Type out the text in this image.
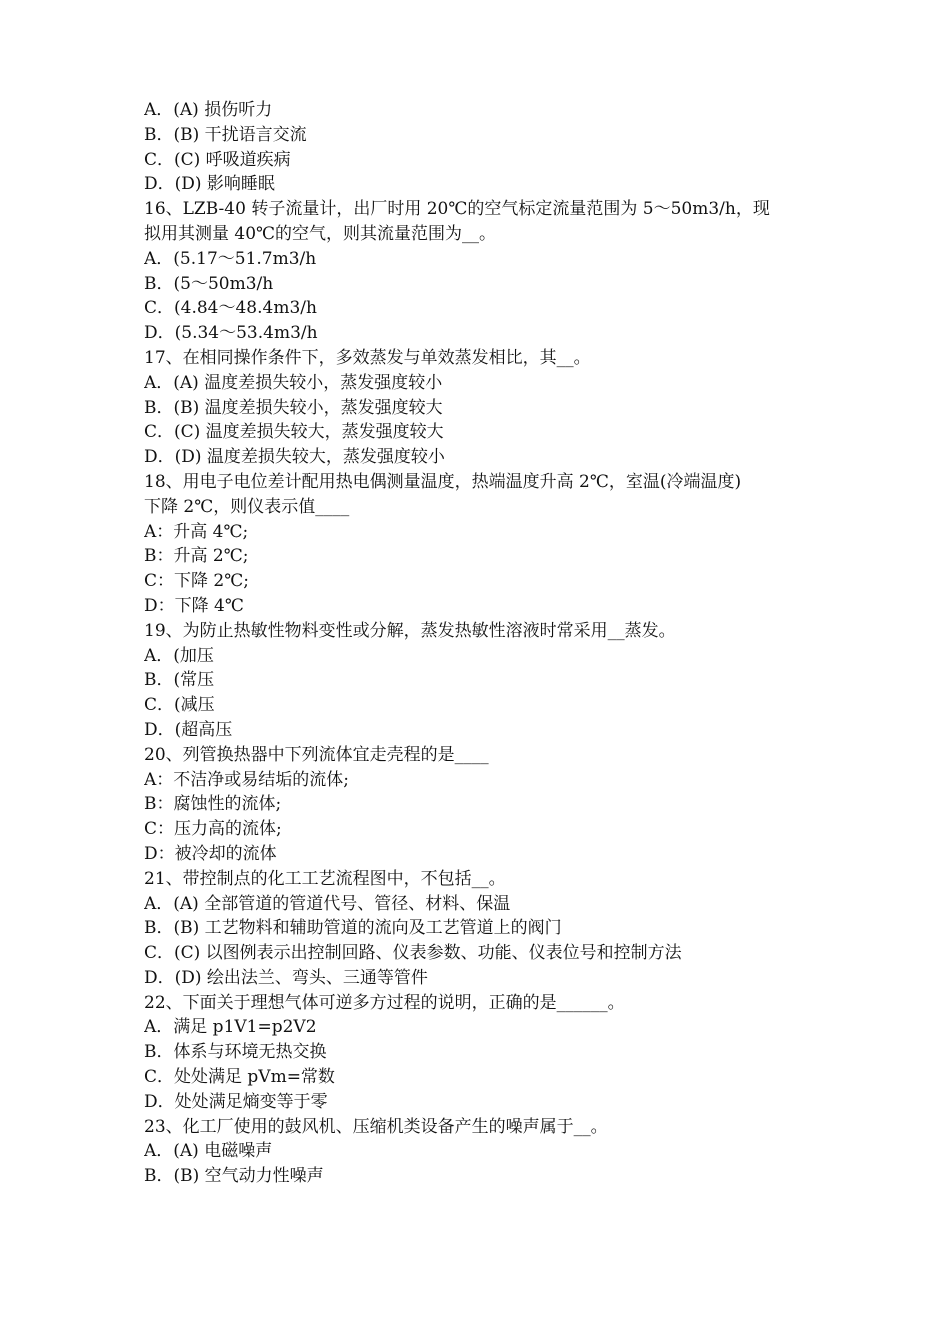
A．(A) 损伤听力
B．(B) 干扰语言交流
C．(C) 呼吸道疾病
D．(D) 影响睡眠
16、LZB-40 转子流量计，出厂时用 20℃的空气标定流量范围为 5～50m3/h，现
拟用其测量 40℃的空气，则其流量范围为__。
A．(5.17～51.7m3/h
B．(5～50m3/h
C．(4.84～48.4m3/h
D．(5.34～53.4m3/h
17、在相同操作条件下，多效蒸发与单效蒸发相比，其__。
A．(A) 温度差损失较小，蒸发强度较小
B．(B) 温度差损失较小，蒸发强度较大
C．(C) 温度差损失较大，蒸发强度较大
D．(D) 温度差损失较大，蒸发强度较小
18、用电子电位差计配用热电偶测量温度，热端温度升高 2℃，室温(冷端温度)
下降 2℃，则仪表示值____
A：升高 4℃;
B：升高 2℃;
C：下降 2℃;
D：下降 4℃
19、为防止热敏性物料变性或分解，蒸发热敏性溶液时常采用__蒸发。
A．(加压
B．(常压
C．(减压
D．(超高压
20、列管换热器中下列流体宜走壳程的是____
A：不洁净或易结垢的流体;
B：腐蚀性的流体;
C：压力高的流体;
D：被冷却的流体
21、带控制点的化工工艺流程图中，不包括__。
A．(A) 全部管道的管道代号、管径、材料、保温
B．(B) 工艺物料和辅助管道的流向及工艺管道上的阀门
C．(C) 以图例表示出控制回路、仪表参数、功能、仪表位号和控制方法
D．(D) 绘出法兰、弯头、三通等管件
22、下面关于理想气体可逆多方过程的说明，正确的是______。
A．满足 p1V1=p2V2
B．体系与环境无热交换
C．处处满足 pVm=常数
D．处处满足熵变等于零
23、化工厂使用的鼓风机、压缩机类设备产生的噪声属于__。
A．(A) 电磁噪声
B．(B) 空气动力性噪声
